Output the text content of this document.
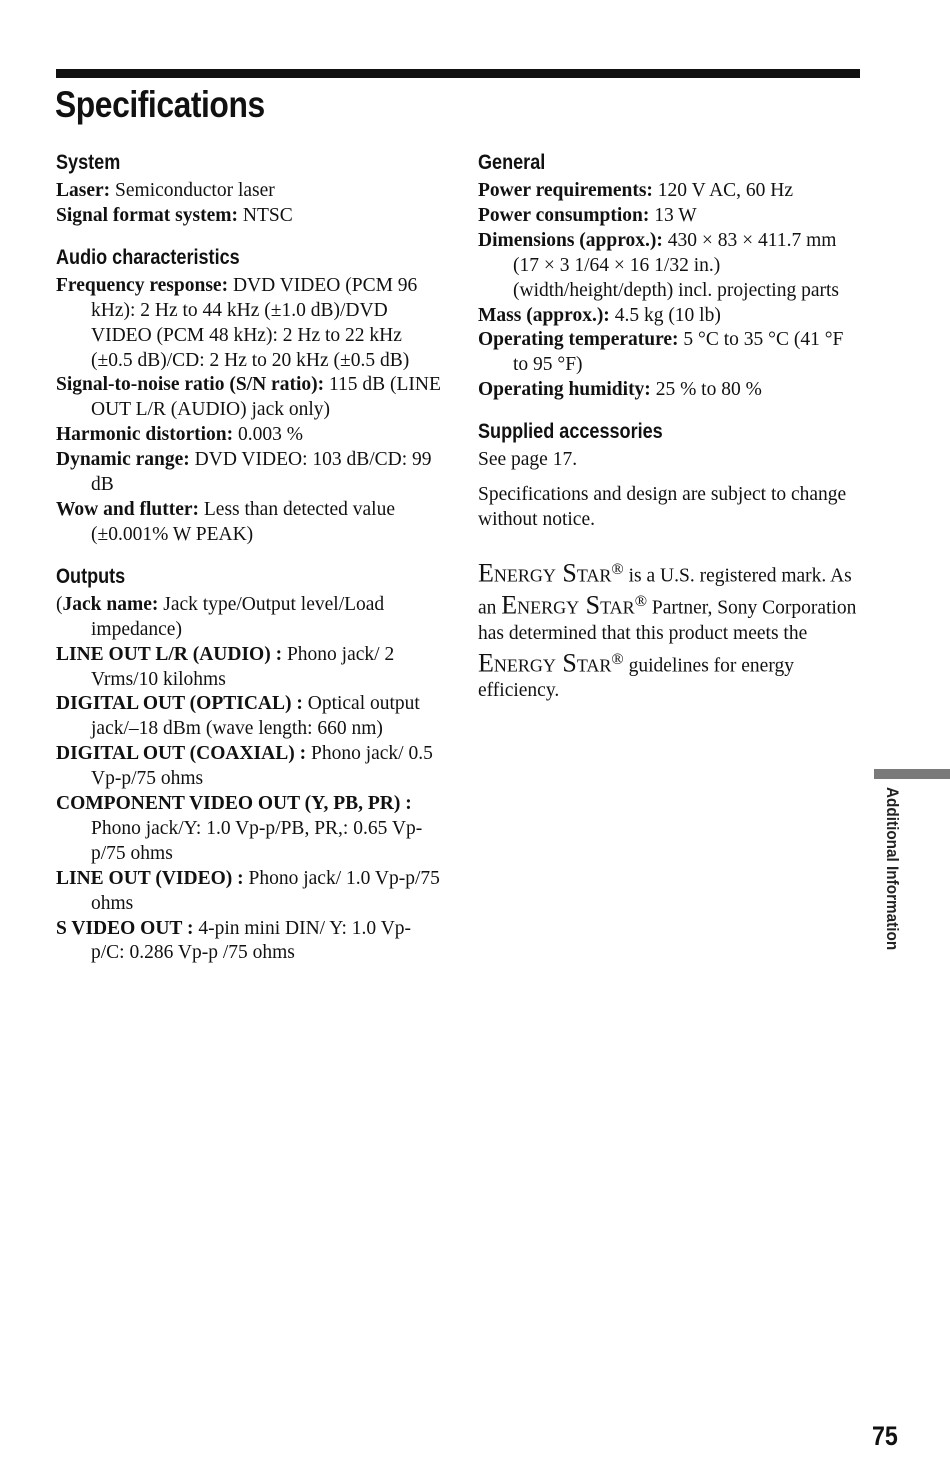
Specifications
System

Laser: Semiconductor laser

Signal format system: NTSC

Audio characteristics

Frequency response: DVD VIDEO (PCM 96 kHz): 2 Hz to 44 kHz (±1.0 dB)/DVD VIDEO (PCM 48 kHz): 2 Hz to 22 kHz (±0.5 dB)/CD: 2 Hz to 20 kHz (±0.5 dB)

Signal-to-noise ratio (S/N ratio): 115 dB (LINE OUT L/R (AUDIO) jack only)

Harmonic distortion: 0.003 %

Dynamic range: DVD VIDEO: 103 dB/CD: 99 dB

Wow and flutter: Less than detected value (±0.001% W PEAK)

Outputs

(Jack name: Jack type/Output level/Load impedance)

LINE OUT L/R (AUDIO) : Phono jack/ 2 Vrms/10 kilohms

DIGITAL OUT (OPTICAL) : Optical output jack/–18 dBm (wave length: 660 nm)

DIGITAL OUT (COAXIAL) : Phono jack/ 0.5 Vp-p/75 ohms

COMPONENT VIDEO OUT (Y, PB, PR) : Phono jack/Y: 1.0 Vp-p/PB, PR,: 0.65 Vp-p/75 ohms

LINE OUT (VIDEO) : Phono jack/ 1.0 Vp-p/75 ohms

S VIDEO OUT : 4-pin mini DIN/ Y: 1.0 Vp-p/C: 0.286 Vp-p /75 ohms

General

Power requirements: 120 V AC, 60 Hz

Power consumption: 13 W

Dimensions (approx.): 430 × 83 × 411.7 mm (17 × 3 1/64 × 16 1/32 in.) (width/height/depth) incl. projecting parts

Mass (approx.): 4.5 kg (10 lb)

Operating temperature: 5 °C to 35 °C (41 °F to 95 °F)

Operating humidity: 25 % to 80 %

Supplied accessories

See page 17.

Specifications and design are subject to change without notice.

Energy Star® is a U.S. registered mark. As an Energy Star® Partner, Sony Corporation has determined that this product meets the Energy Star® guidelines for energy efficiency.

Additional Information
75
